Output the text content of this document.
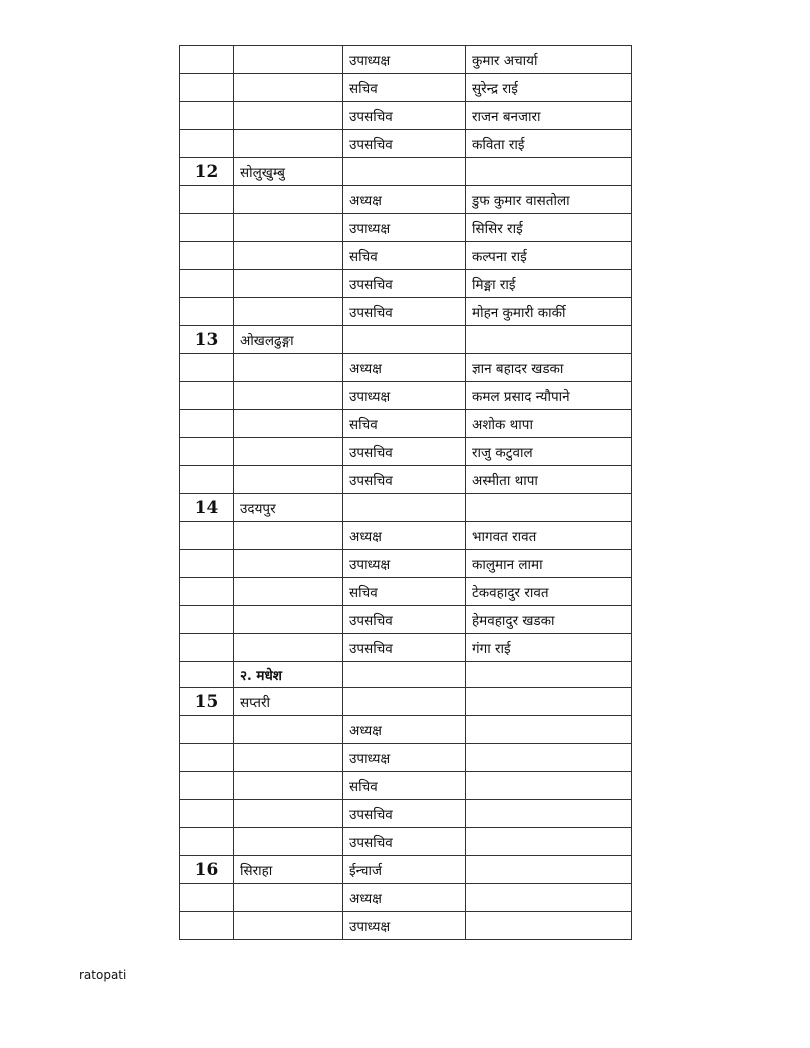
		उपाध्यक्ष	कुमार अचार्या
		सचिव	सुरेन्द्र राई
		उपसचिव	राजन बनजारा
		उपसचिव	कविता राई
12	सोलुखुम्बु		
		अध्यक्ष	डुफ कुमार वासतोला
		उपाध्यक्ष	सिसिर राई
		सचिव	कल्पना राई
		उपसचिव	मिङ्मा राई
		उपसचिव	मोहन कुमारी कार्की
13	ओखलढुङ्गा		
		अध्यक्ष	ज्ञान बहादर खडका
		उपाध्यक्ष	कमल प्रसाद न्यौपाने
		सचिव	अशोक थापा
		उपसचिव	राजु कटुवाल
		उपसचिव	अस्मीता थापा
14	उदयपुर		
		अध्यक्ष	भागवत रावत
		उपाध्यक्ष	कालुमान लामा
		सचिव	टेकवहादुर रावत
		उपसचिव	हेमवहादुर खडका
		उपसचिव	गंगा राई
	२. मधेश		
15	सप्तरी		
		अध्यक्ष	
		उपाध्यक्ष	
		सचिव	
		उपसचिव	
		उपसचिव	
16	सिराहा	ईन्चार्ज	
		अध्यक्ष	
		उपाध्यक्ष	
ratopati
